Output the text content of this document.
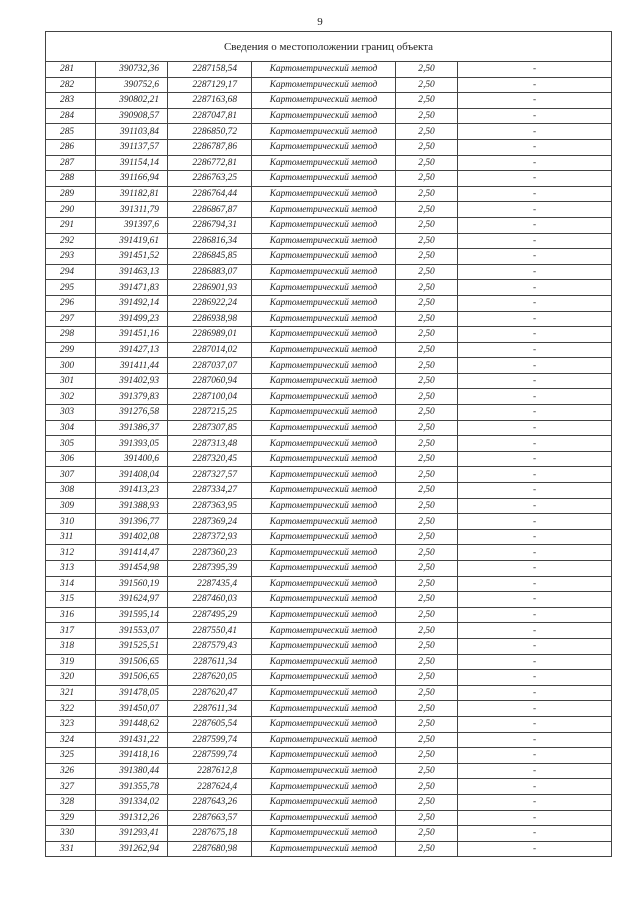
9
Сведения о местоположении границ объекта					
281	390732,36	2287158,54	Картометрический метод	2,50	-
282	390752,6	2287129,17	Картометрический метод	2,50	-
283	390802,21	2287163,68	Картометрический метод	2,50	-
284	390908,57	2287047,81	Картометрический метод	2,50	-
285	391103,84	2286850,72	Картометрический метод	2,50	-
286	391137,57	2286787,86	Картометрический метод	2,50	-
287	391154,14	2286772,81	Картометрический метод	2,50	-
288	391166,94	2286763,25	Картометрический метод	2,50	-
289	391182,81	2286764,44	Картометрический метод	2,50	-
290	391311,79	2286867,87	Картометрический метод	2,50	-
291	391397,6	2286794,31	Картометрический метод	2,50	-
292	391419,61	2286816,34	Картометрический метод	2,50	-
293	391451,52	2286845,85	Картометрический метод	2,50	-
294	391463,13	2286883,07	Картометрический метод	2,50	-
295	391471,83	2286901,93	Картометрический метод	2,50	-
296	391492,14	2286922,24	Картометрический метод	2,50	-
297	391499,23	2286938,98	Картометрический метод	2,50	-
298	391451,16	2286989,01	Картометрический метод	2,50	-
299	391427,13	2287014,02	Картометрический метод	2,50	-
300	391411,44	2287037,07	Картометрический метод	2,50	-
301	391402,93	2287060,94	Картометрический метод	2,50	-
302	391379,83	2287100,04	Картометрический метод	2,50	-
303	391276,58	2287215,25	Картометрический метод	2,50	-
304	391386,37	2287307,85	Картометрический метод	2,50	-
305	391393,05	2287313,48	Картометрический метод	2,50	-
306	391400,6	2287320,45	Картометрический метод	2,50	-
307	391408,04	2287327,57	Картометрический метод	2,50	-
308	391413,23	2287334,27	Картометрический метод	2,50	-
309	391388,93	2287363,95	Картометрический метод	2,50	-
310	391396,77	2287369,24	Картометрический метод	2,50	-
311	391402,08	2287372,93	Картометрический метод	2,50	-
312	391414,47	2287360,23	Картометрический метод	2,50	-
313	391454,98	2287395,39	Картометрический метод	2,50	-
314	391560,19	2287435,4	Картометрический метод	2,50	-
315	391624,97	2287460,03	Картометрический метод	2,50	-
316	391595,14	2287495,29	Картометрический метод	2,50	-
317	391553,07	2287550,41	Картометрический метод	2,50	-
318	391525,51	2287579,43	Картометрический метод	2,50	-
319	391506,65	2287611,34	Картометрический метод	2,50	-
320	391506,65	2287620,05	Картометрический метод	2,50	-
321	391478,05	2287620,47	Картометрический метод	2,50	-
322	391450,07	2287611,34	Картометрический метод	2,50	-
323	391448,62	2287605,54	Картометрический метод	2,50	-
324	391431,22	2287599,74	Картометрический метод	2,50	-
325	391418,16	2287599,74	Картометрический метод	2,50	-
326	391380,44	2287612,8	Картометрический метод	2,50	-
327	391355,78	2287624,4	Картометрический метод	2,50	-
328	391334,02	2287643,26	Картометрический метод	2,50	-
329	391312,26	2287663,57	Картометрический метод	2,50	-
330	391293,41	2287675,18	Картометрический метод	2,50	-
331	391262,94	2287680,98	Картометрический метод	2,50	-
